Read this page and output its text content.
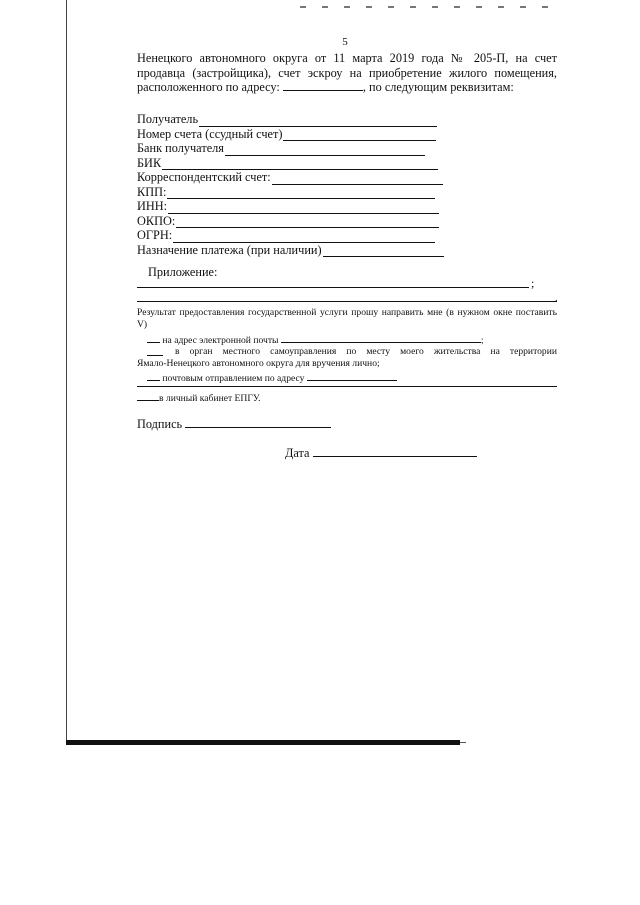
5

Ненецкого автономного округа от 11 марта 2019 года № 205-П, на счет продавца (застройщика), счет эскроу на приобретение жилого помещения, расположенного по адресу:	, по следующим реквизитам:

Получатель
Номер счета (ссудный счет)
Банк получателя
БИК
Корреспондентский счет:
КПП:
ИНН:
ОКПО:
ОГРН:
Назначение платежа (при наличии)
Приложение:
;
.
Результат предоставления государственной услуги прошу направить мне (в нужном окне поставить V)
на адрес электронной почты	;
в орган местного самоуправления по месту моего жительства на территории
Ямало-Ненецкого автономного округа для вручения лично;
почтовым отправлением по адресу
в личный кабинет ЕПГУ.
Подпись
Дата
